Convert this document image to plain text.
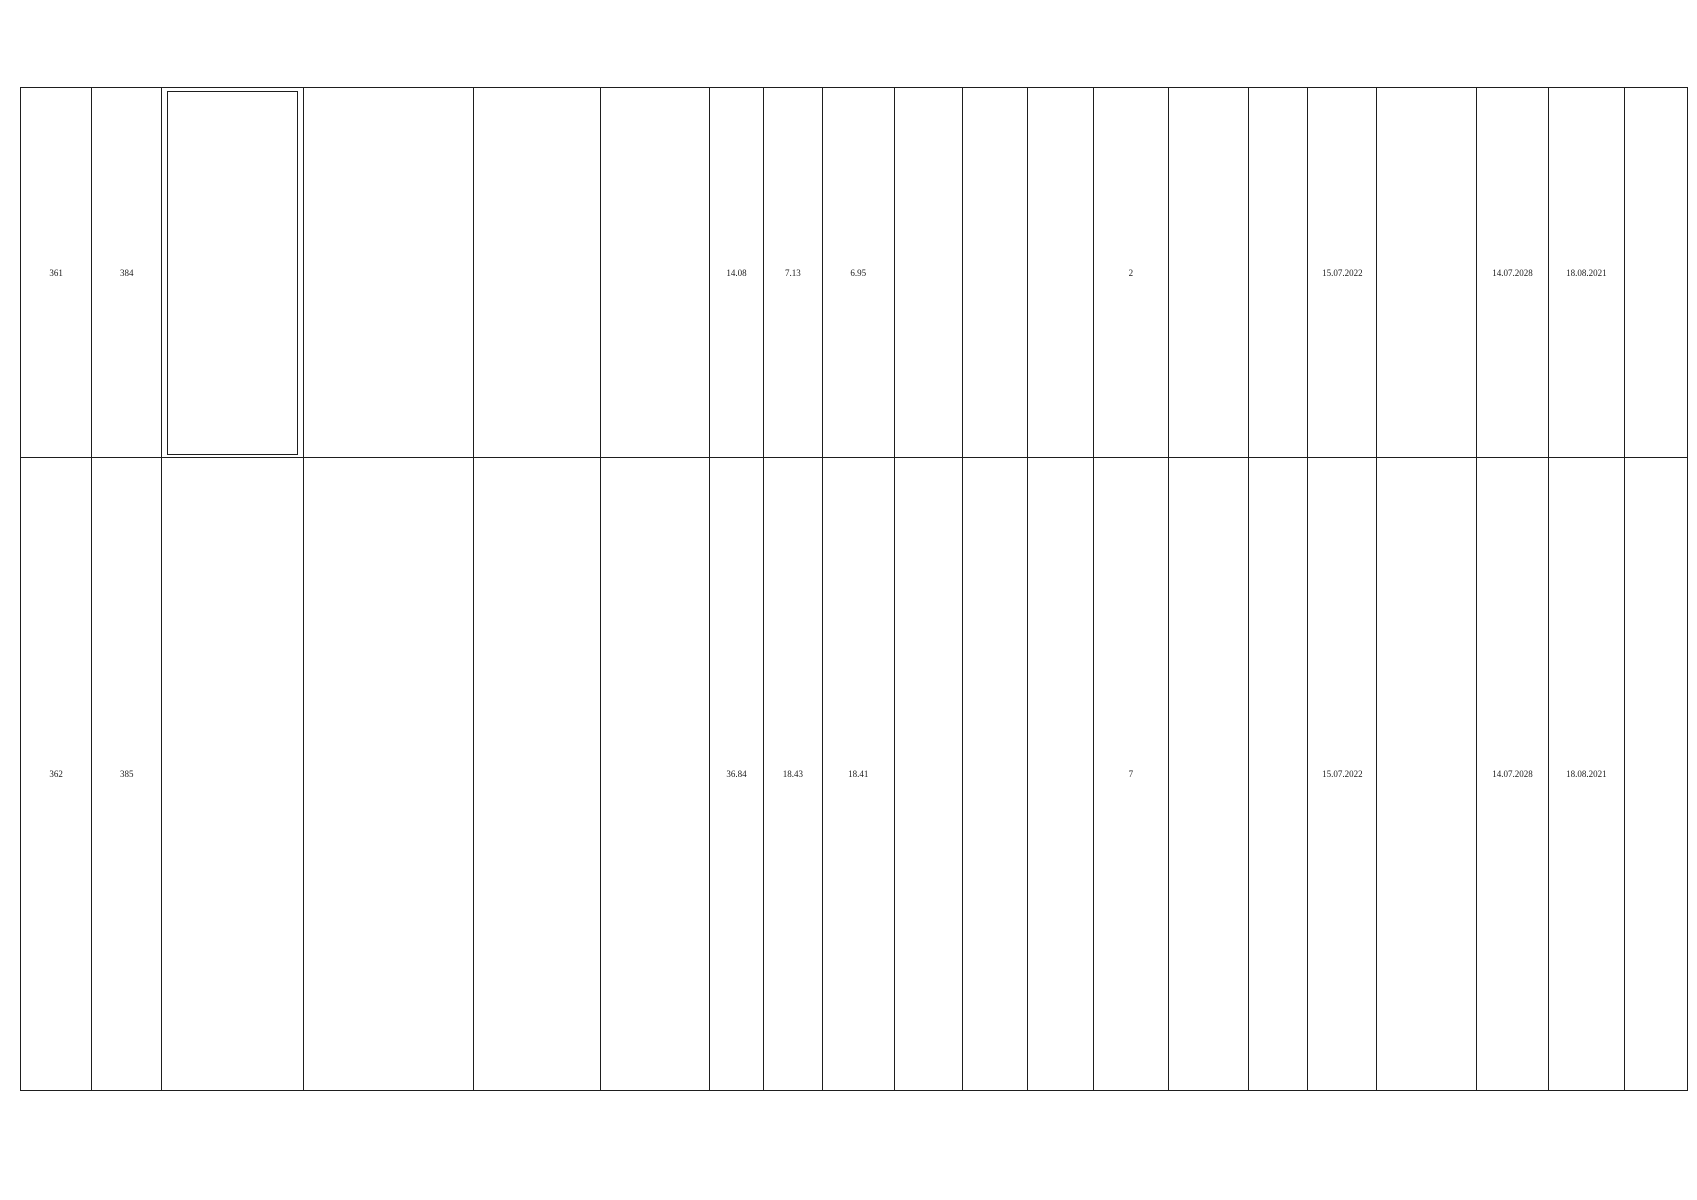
361	384					14.08	7.13	6.95				2			15.07.2022		14.07.2028	18.08.2021	
362	385					36.84	18.43	18.41				7			15.07.2022		14.07.2028	18.08.2021	
